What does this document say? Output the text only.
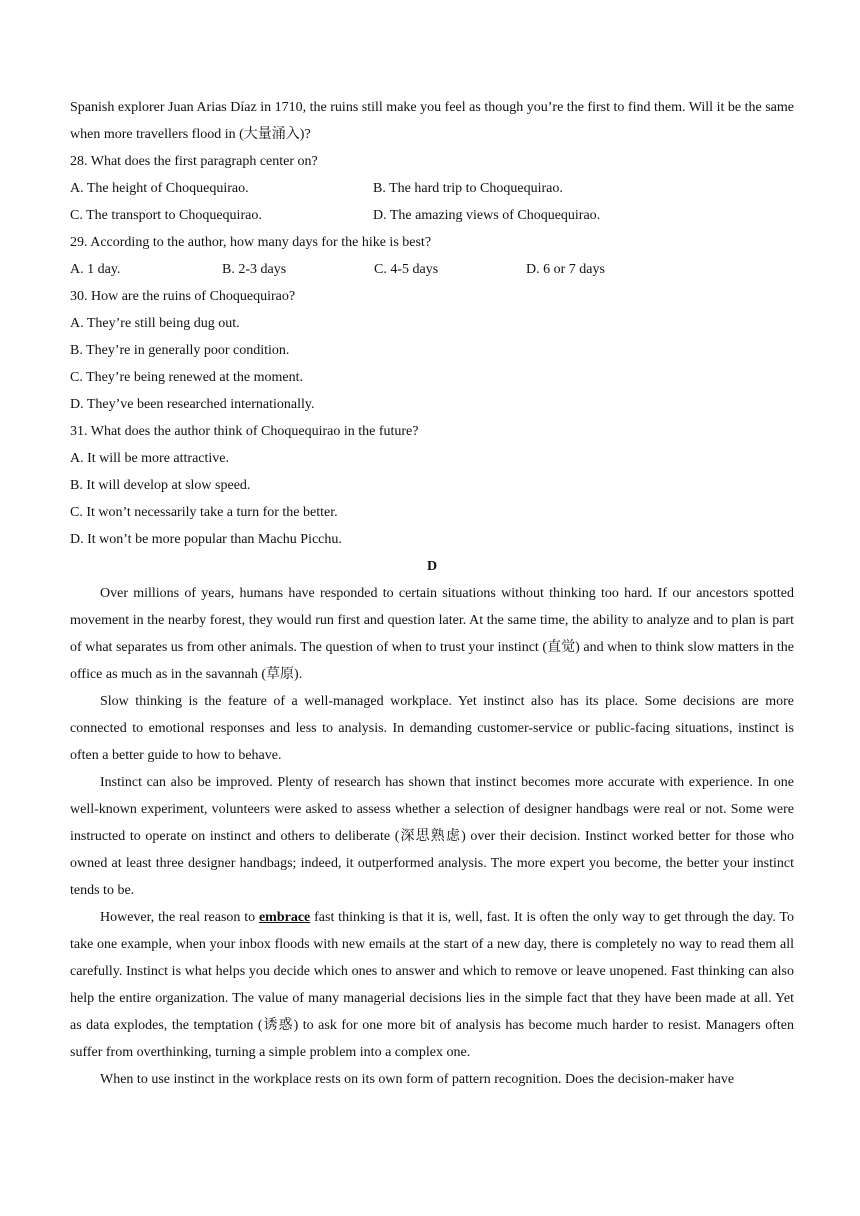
Spanish explorer Juan Arias Díaz in 1710, the ruins still make you feel as though you’re the first to find them. Will it be the same when more travellers flood in (大量涌入)?

28. What does the first paragraph center on?
A. The height of Choquequirao.	B. The hard trip to Choquequirao.
C. The transport to Choquequirao.	D. The amazing views of Choquequirao.
29. According to the author, how many days for the hike is best?
A. 1 day.	B. 2-3 days	C. 4-5 days	D. 6 or 7 days
30. How are the ruins of Choquequirao?
A. They’re still being dug out.
B. They’re in generally poor condition.
C. They’re being renewed at the moment.
D. They’ve been researched internationally.
31. What does the author think of Choquequirao in the future?
A. It will be more attractive.
B. It will develop at slow speed.
C. It won’t necessarily take a turn for the better.
D. It won’t be more popular than Machu Picchu.
D

Over millions of years, humans have responded to certain situations without thinking too hard. If our ancestors spotted movement in the nearby forest, they would run first and question later. At the same time, the ability to analyze and to plan is part of what separates us from other animals. The question of when to trust your instinct (直觉) and when to think slow matters in the office as much as in the savannah (草原).

Slow thinking is the feature of a well-managed workplace. Yet instinct also has its place. Some decisions are more connected to emotional responses and less to analysis. In demanding customer-service or public-facing situations, instinct is often a better guide to how to behave.

Instinct can also be improved. Plenty of research has shown that instinct becomes more accurate with experience. In one well-known experiment, volunteers were asked to assess whether a selection of designer handbags were real or not. Some were instructed to operate on instinct and others to deliberate (深思熟虑) over their decision. Instinct worked better for those who owned at least three designer handbags; indeed, it outperformed analysis. The more expert you become, the better your instinct tends to be.

However, the real reason to embrace fast thinking is that it is, well, fast. It is often the only way to get through the day. To take one example, when your inbox floods with new emails at the start of a new day, there is completely no way to read them all carefully. Instinct is what helps you decide which ones to answer and which to remove or leave unopened. Fast thinking can also help the entire organization. The value of many managerial decisions lies in the simple fact that they have been made at all. Yet as data explodes, the temptation (诱惑) to ask for one more bit of analysis has become much harder to resist. Managers often suffer from overthinking, turning a simple problem into a complex one.

When to use instinct in the workplace rests on its own form of pattern recognition. Does the decision-maker have
